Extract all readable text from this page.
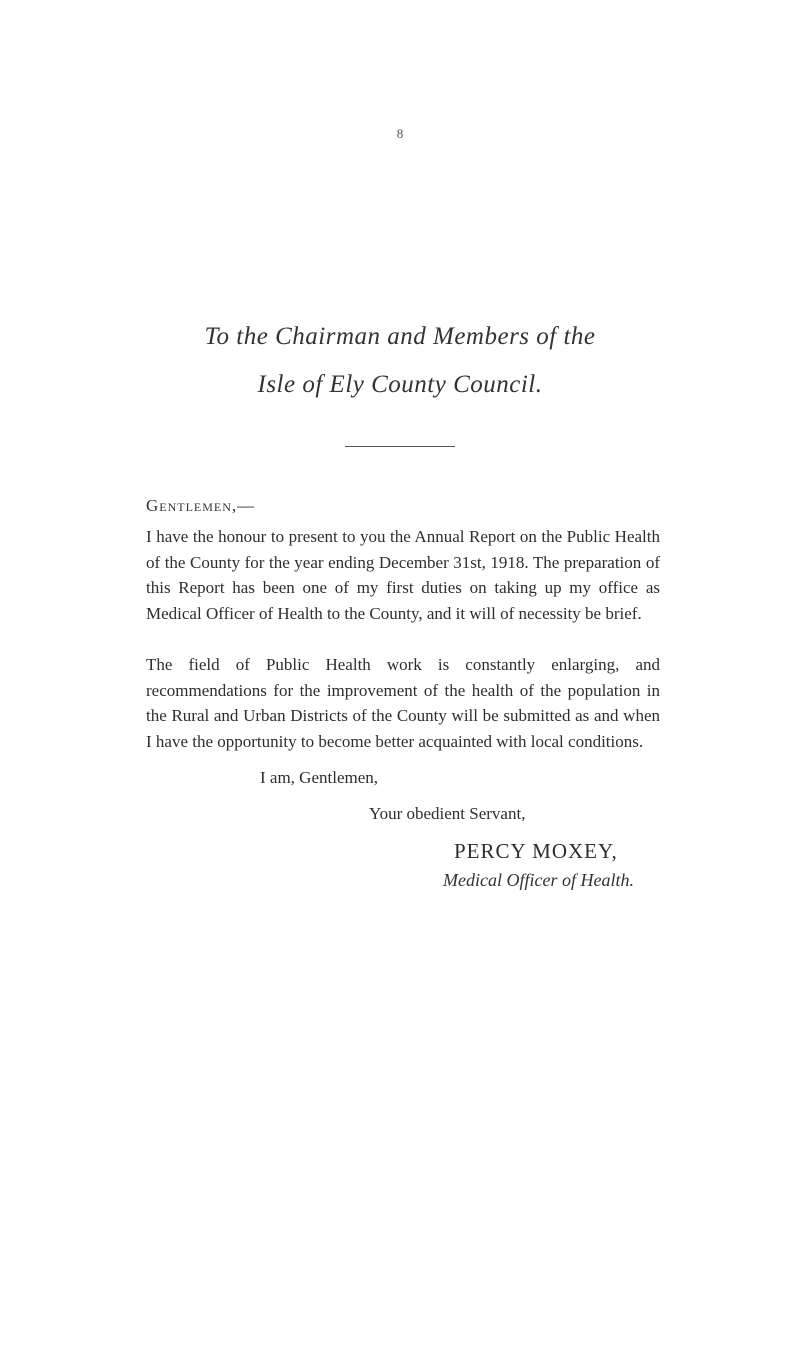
8
To the Chairman and Members of the
Isle of Ely County Council.
Gentlemen,—
I have the honour to present to you the Annual Report on the Public Health of the County for the year ending December 31st, 1918. The preparation of this Report has been one of my first duties on taking up my office as Medical Officer of Health to the County, and it will of necessity be brief.
The field of Public Health work is constantly enlarging, and recommendations for the improvement of the health of the population in the Rural and Urban Districts of the County will be submitted as and when I have the opportunity to become better acquainted with local conditions.
I am, Gentlemen,
Your obedient Servant,
PERCY MOXEY,
Medical Officer of Health.
